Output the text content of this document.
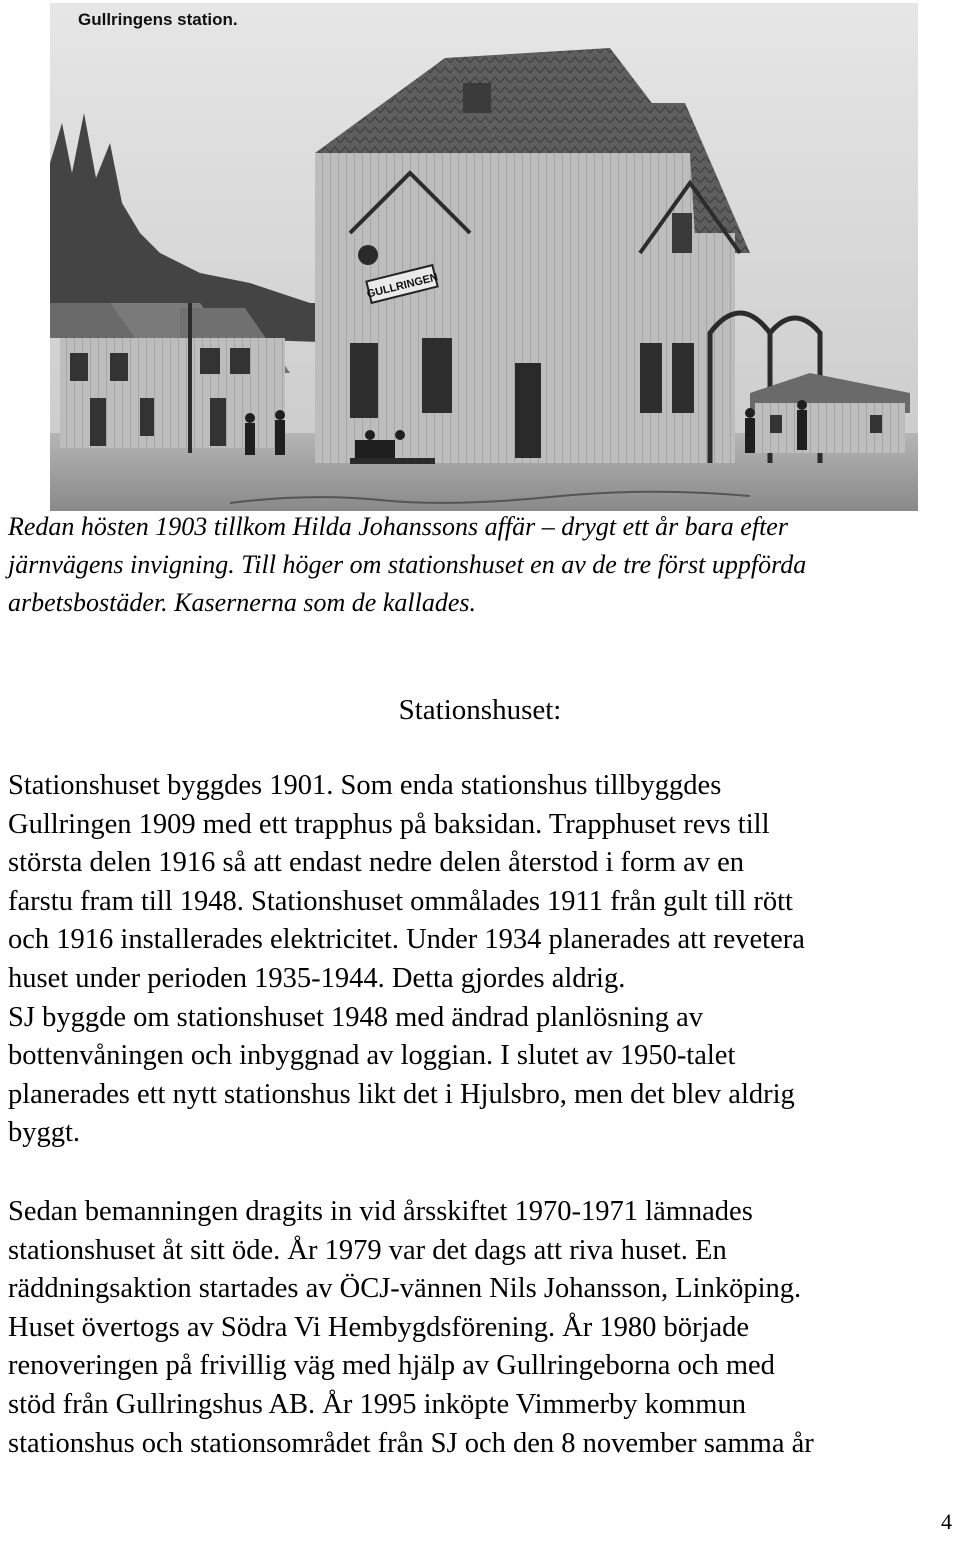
GULLRINGEN
Gullringens station.

Redan hösten 1903 tillkom Hilda Johanssons affär – drygt ett år bara efter
järnvägens invigning. Till höger om stationshuset en av de tre först uppförda
arbetsbostäder. Kasernerna som de kallades.

Stationshuset:

Stationshuset byggdes 1901. Som enda stationshus tillbyggdes
Gullringen 1909 med ett trapphus på baksidan. Trapphuset revs till
största delen 1916 så att endast nedre delen återstod i form av en
farstu fram till 1948. Stationshuset ommålades 1911 från gult till rött
och 1916 installerades elektricitet. Under 1934 planerades att revetera
huset under perioden 1935-1944. Detta gjordes aldrig.
SJ byggde om stationshuset 1948 med ändrad planlösning av
bottenvåningen och inbyggnad av loggian. I slutet av 1950-talet
planerades ett nytt stationshus likt det i Hjulsbro, men det blev aldrig
byggt.

Sedan bemanningen dragits in vid årsskiftet 1970-1971 lämnades
stationshuset åt sitt öde. År 1979 var det dags att riva huset. En
räddningsaktion startades av ÖCJ-vännen Nils Johansson, Linköping.
Huset övertogs av Södra Vi Hembygdsförening. År 1980 började
renoveringen på frivillig väg med hjälp av Gullringeborna och med
stöd från Gullringshus AB. År 1995 inköpte Vimmerby kommun
stationshus och stationsområdet från SJ och den 8 november samma år

4
